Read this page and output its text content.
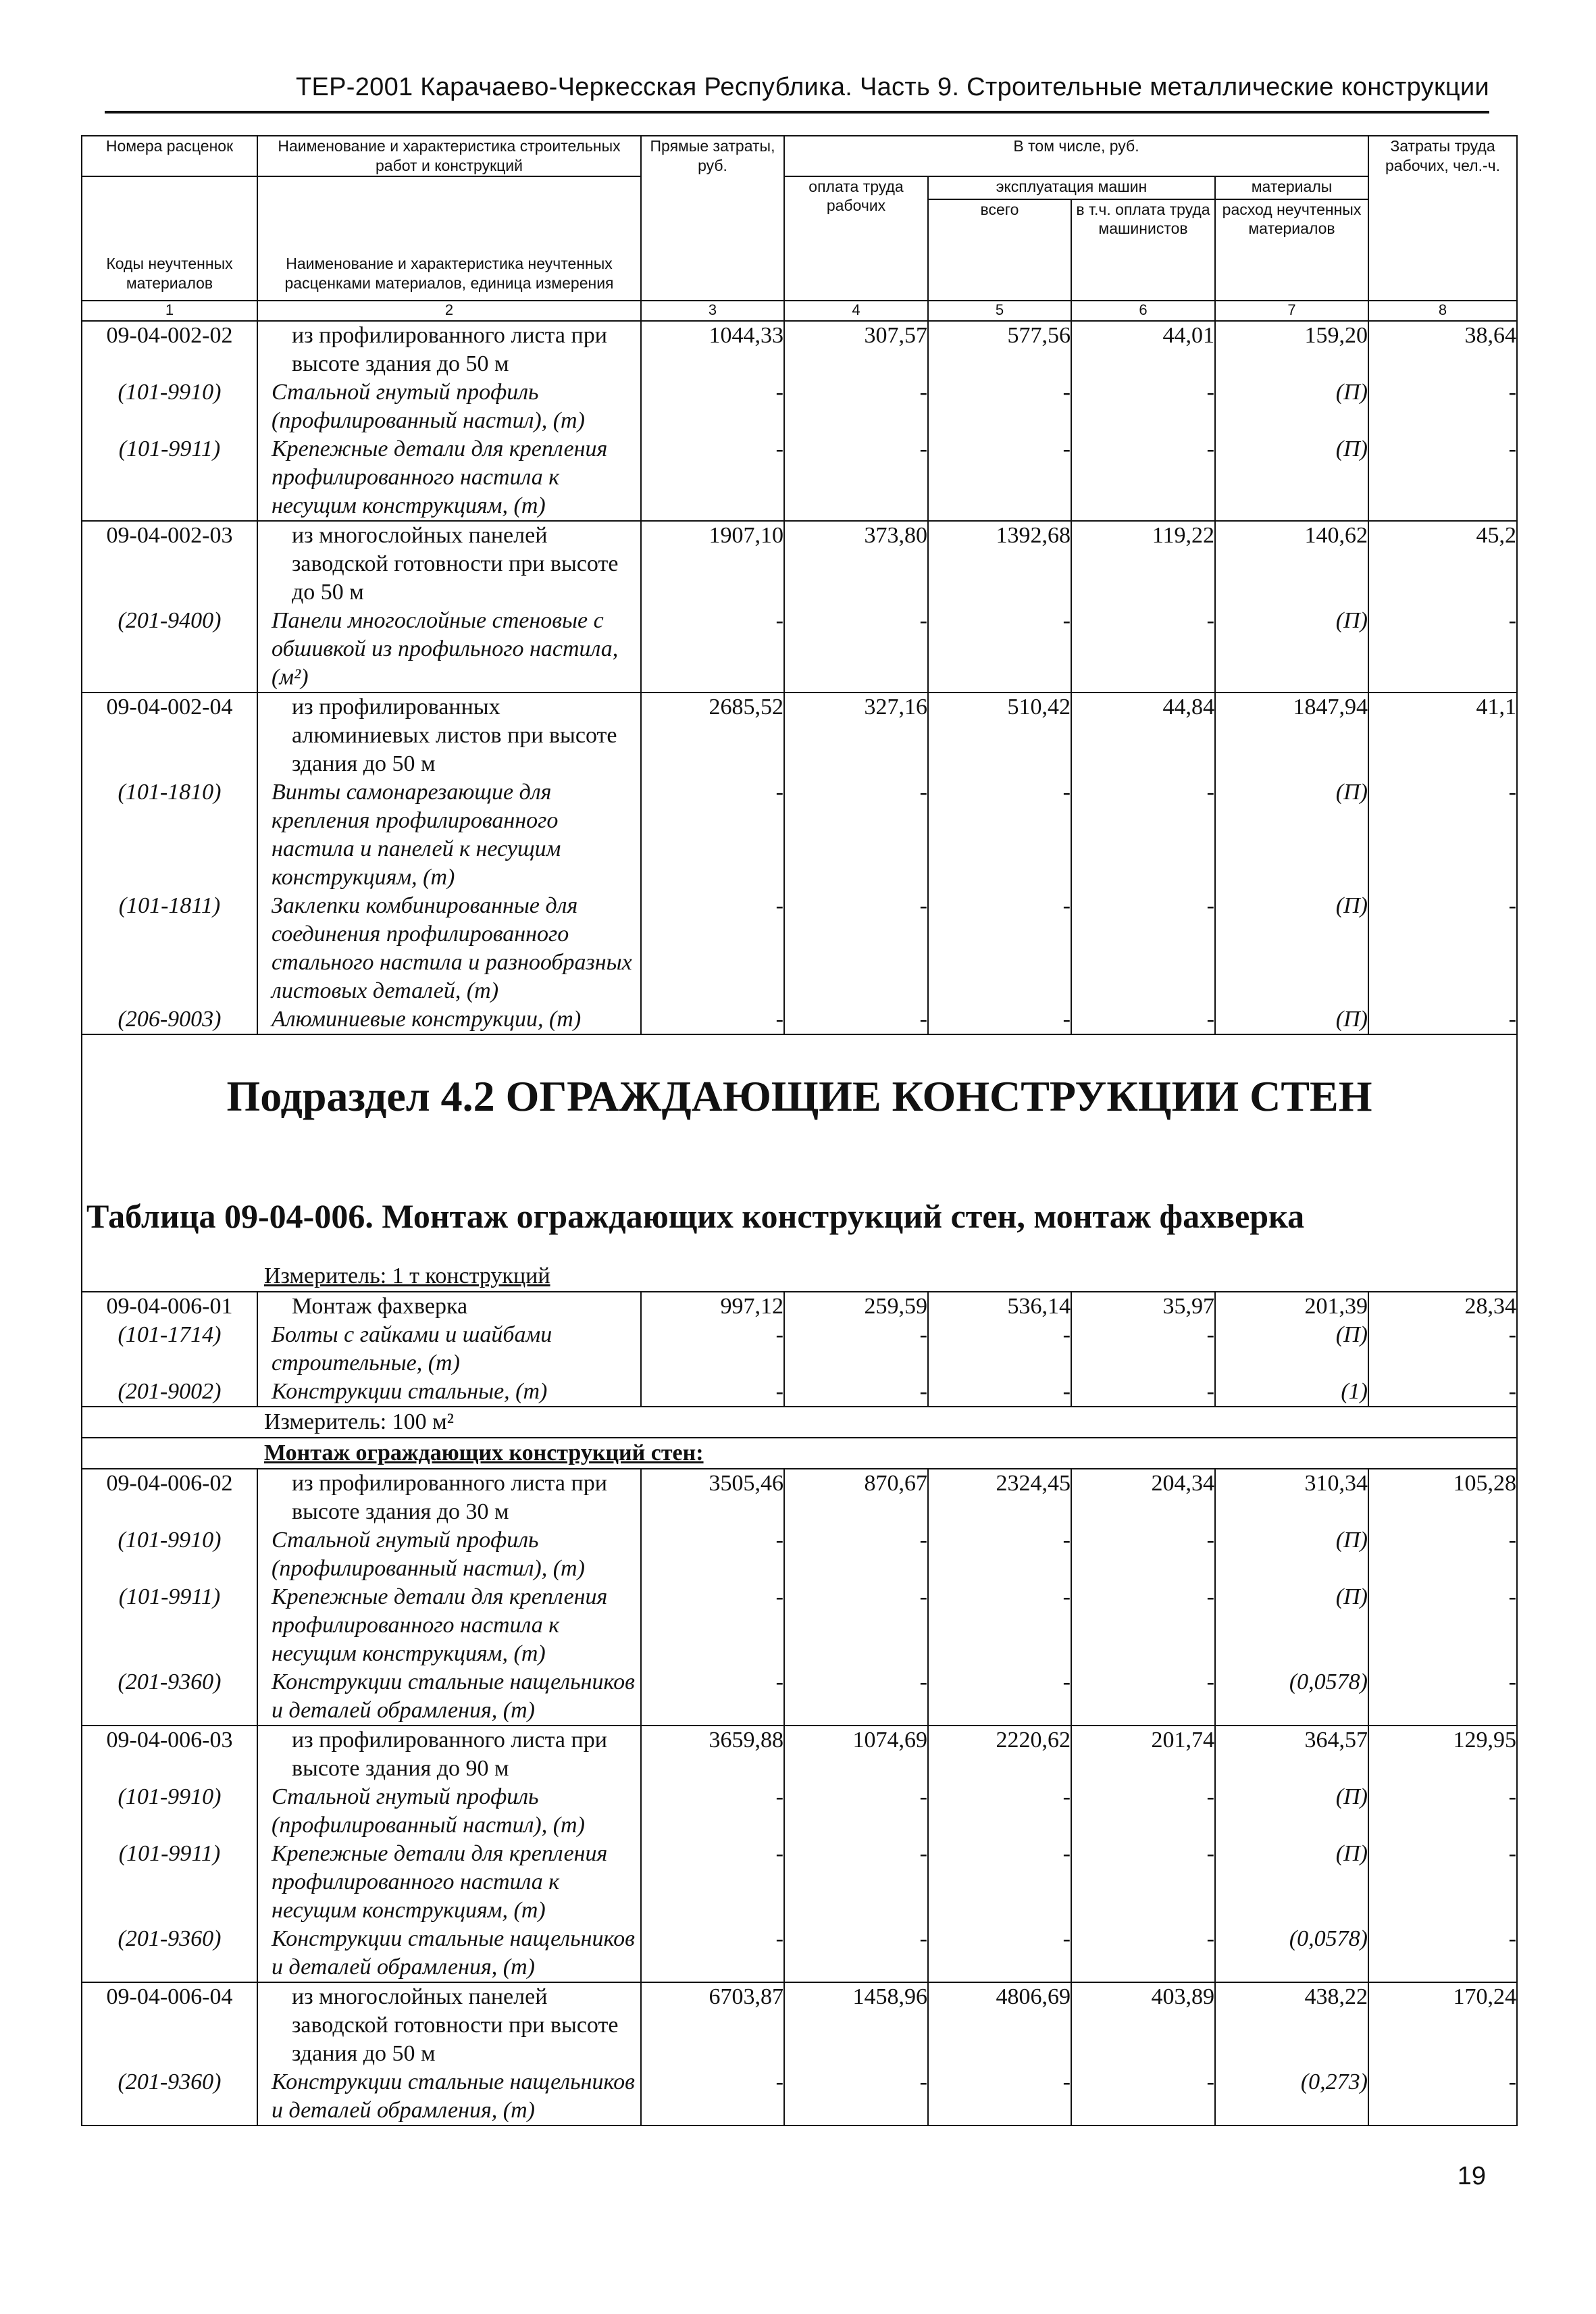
ТЕР-2001 Карачаево-Черкесская Республика. Часть 9. Строительные металлические конструкции
Номера расценок	Наименование и характеристика строительных работ и конструкций	Прямые затраты, руб.	В том числе, руб.				Затраты труда рабочих, чел.-ч.
Коды неучтенных материалов	Наименование и характеристика неучтенных расценками материалов, единица измерения		оплата труда рабочих	эксплуатация машин		материалы	
				всего	в т.ч. оплата труда машинистов	расход неучтенных материалов	
1	2	3	4	5	6	7	8
09-04-002-02	из профилированного листа при высоте здания до 50 м	1044,33	307,57	577,56	44,01	159,20	38,64
(101-9910)	Стальной гнутый профиль (профилированный настил), (т)	-	-	-	-	(П)	-
(101-9911)	Крепежные детали для крепления профилированного настила к несущим конструкциям, (т)	-	-	-	-	(П)	-
09-04-002-03	из многослойных панелей заводской готовности при высоте до 50 м	1907,10	373,80	1392,68	119,22	140,62	45,2
(201-9400)	Панели многослойные стеновые с обшивкой из профильного настила, (м²)	-	-	-	-	(П)	-
09-04-002-04	из профилированных алюминиевых листов при высоте здания до 50 м	2685,52	327,16	510,42	44,84	1847,94	41,1
(101-1810)	Винты самонарезающие для крепления профилированного настила и панелей к несущим конструкциям, (т)	-	-	-	-	(П)	-
(101-1811)	Заклепки комбинированные для соединения профилированного стального настила и разнообразных листовых деталей, (т)	-	-	-	-	(П)	-
(206-9003)	Алюминиевые конструкции, (т)	-	-	-	-	(П)	-

Подраздел 4.2 ОГРАЖДАЮЩИЕ КОНСТРУКЦИИ СТЕН							

Таблица 09-04-006. Монтаж ограждающих конструкций стен, монтаж фахверка							

	Измеритель: 1 т конструкций						
09-04-006-01	Монтаж фахверка	997,12	259,59	536,14	35,97	201,39	28,34
(101-1714)	Болты с гайками и шайбами строительные, (т)	-	-	-	-	(П)	-
(201-9002)	Конструкции стальные, (т)	-	-	-	-	(1)	-
	Измеритель: 100 м²						
	Монтаж ограждающих конструкций стен:						
09-04-006-02	из профилированного листа при высоте здания до 30 м	3505,46	870,67	2324,45	204,34	310,34	105,28
(101-9910)	Стальной гнутый профиль (профилированный настил), (т)	-	-	-	-	(П)	-
(101-9911)	Крепежные детали для крепления профилированного настила к несущим конструкциям, (т)	-	-	-	-	(П)	-
(201-9360)	Конструкции стальные нащельников и деталей обрамления, (т)	-	-	-	-	(0,0578)	-
09-04-006-03	из профилированного листа при высоте здания до 90 м	3659,88	1074,69	2220,62	201,74	364,57	129,95
(101-9910)	Стальной гнутый профиль (профилированный настил), (т)	-	-	-	-	(П)	-
(101-9911)	Крепежные детали для крепления профилированного настила к несущим конструкциям, (т)	-	-	-	-	(П)	-
(201-9360)	Конструкции стальные нащельников и деталей обрамления, (т)	-	-	-	-	(0,0578)	-
09-04-006-04	из многослойных панелей заводской готовности при высоте здания до 50 м	6703,87	1458,96	4806,69	403,89	438,22	170,24
(201-9360)	Конструкции стальные нащельников и деталей обрамления, (т)	-	-	-	-	(0,273)	-
19
